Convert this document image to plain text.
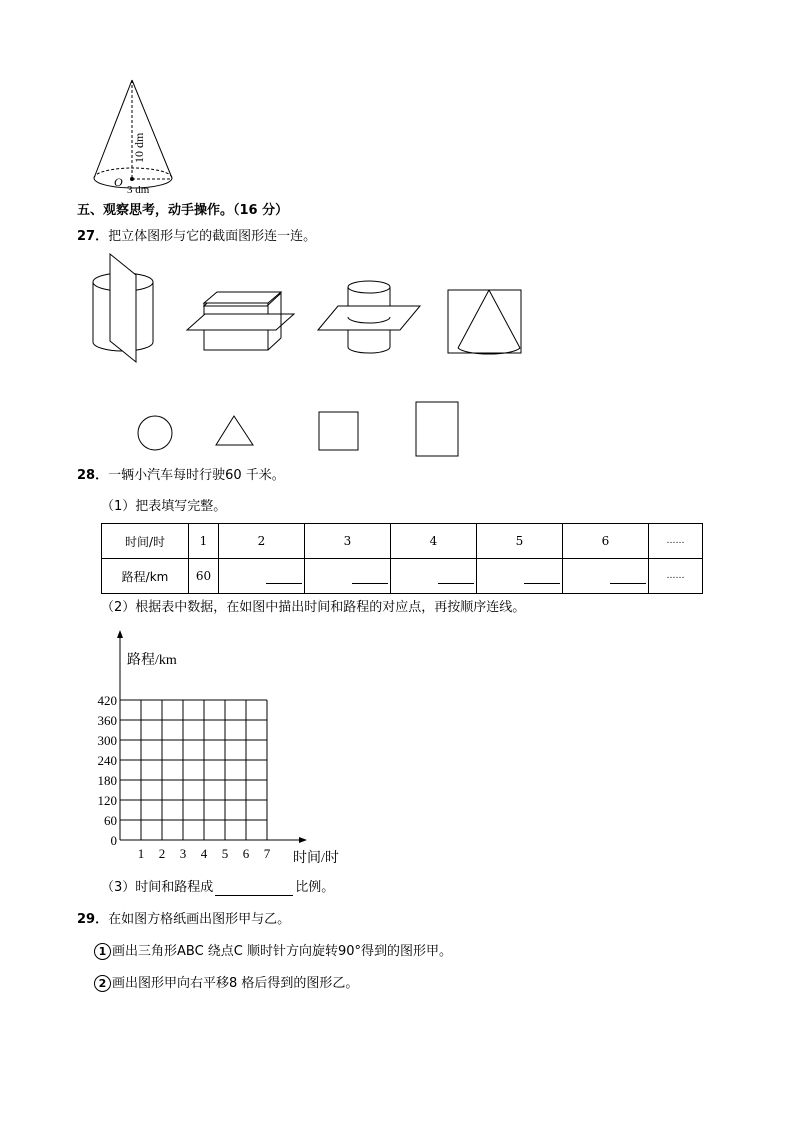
10 dm
O
3 dm
五、观察思考，动手操作。（16 分）
27．把立体图形与它的截面图形连一连。
28．一辆小汽车每时行驶60 千米。
（1）把表填写完整。
时间/时	1	2	3	4	5	6	……
路程/km	60						……
（2）根据表中数据，在如图中描出时间和路程的对应点，再按顺序连线。
1 2 3 4 5 6 7
0
60
120
180
240
300
360
420
路程/km
时间/时
（3）时间和路程成	比例。
29．在如图方格纸画出图形甲与乙。
1 画出三角形ABC 绕点C 顺时针方向旋转90°得到的图形甲。
2 画出图形甲向右平移8 格后得到的图形乙。
